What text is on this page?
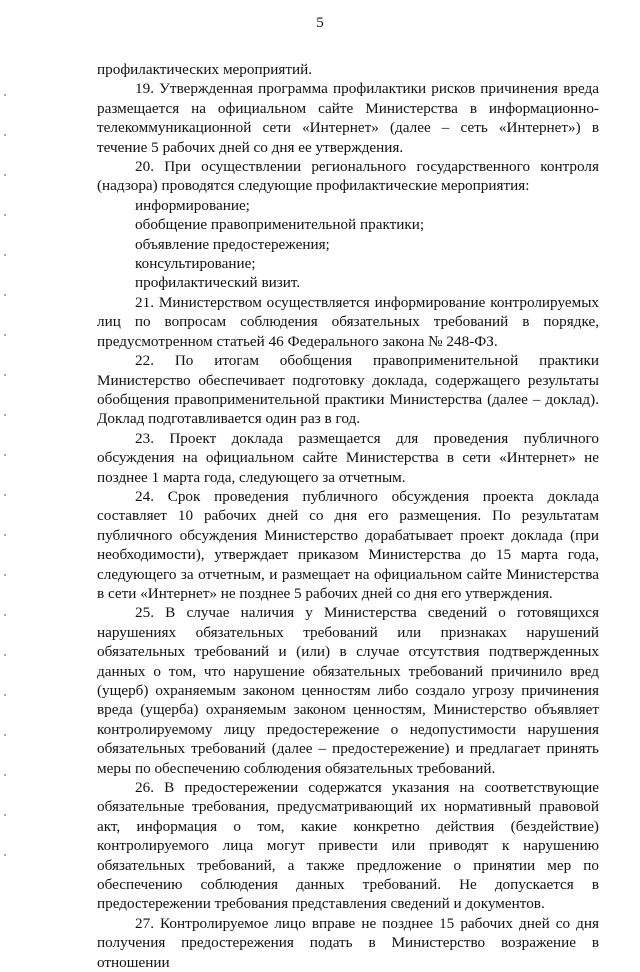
5

профилактических мероприятий.

19. Утвержденная программа профилактики рисков причинения вреда размещается на официальном сайте Министерства в информационно-телекоммуникационной сети «Интернет» (далее – сеть «Интернет») в течение 5 рабочих дней со дня ее утверждения.

20. При осуществлении регионального государственного контроля (надзора) проводятся следующие профилактические мероприятия:

информирование;

обобщение правоприменительной практики;

объявление предостережения;

консультирование;

профилактический визит.

21. Министерством осуществляется информирование контролируемых лиц по вопросам соблюдения обязательных требований в порядке, предусмотренном статьей 46 Федерального закона № 248-ФЗ.

22. По итогам обобщения правоприменительной практики Министерство обеспечивает подготовку доклада, содержащего результаты обобщения правоприменительной практики Министерства (далее – доклад). Доклад подготавливается один раз в год.

23. Проект доклада размещается для проведения публичного обсуждения на официальном сайте Министерства в сети «Интернет» не позднее 1 марта года, следующего за отчетным.

24. Срок проведения публичного обсуждения проекта доклада составляет 10 рабочих дней со дня его размещения. По результатам публичного обсуждения Министерство дорабатывает проект доклада (при необходимости), утверждает приказом Министерства до 15 марта года, следующего за отчетным, и размещает на официальном сайте Министерства в сети «Интернет» не позднее 5 рабочих дней со дня его утверждения.

25. В случае наличия у Министерства сведений о готовящихся нарушениях обязательных требований или признаках нарушений обязательных требований и (или) в случае отсутствия подтвержденных данных о том, что нарушение обязательных требований причинило вред (ущерб) охраняемым законом ценностям либо создало угрозу причинения вреда (ущерба) охраняемым законом ценностям, Министерство объявляет контролируемому лицу предостережение о недопустимости нарушения обязательных требований (далее – предостережение) и предлагает принять меры по обеспечению соблюдения обязательных требований.

26. В предостережении содержатся указания на соответствующие обязательные требования, предусматривающий их нормативный правовой акт, информация о том, какие конкретно действия (бездействие) контролируемого лица могут привести или приводят к нарушению обязательных требований, а также предложение о принятии мер по обеспечению соблюдения данных требований. Не допускается в предостережении требования представления сведений и документов.

27. Контролируемое лицо вправе не позднее 15 рабочих дней со дня получения предостережения подать в Министерство возражение в отношении
